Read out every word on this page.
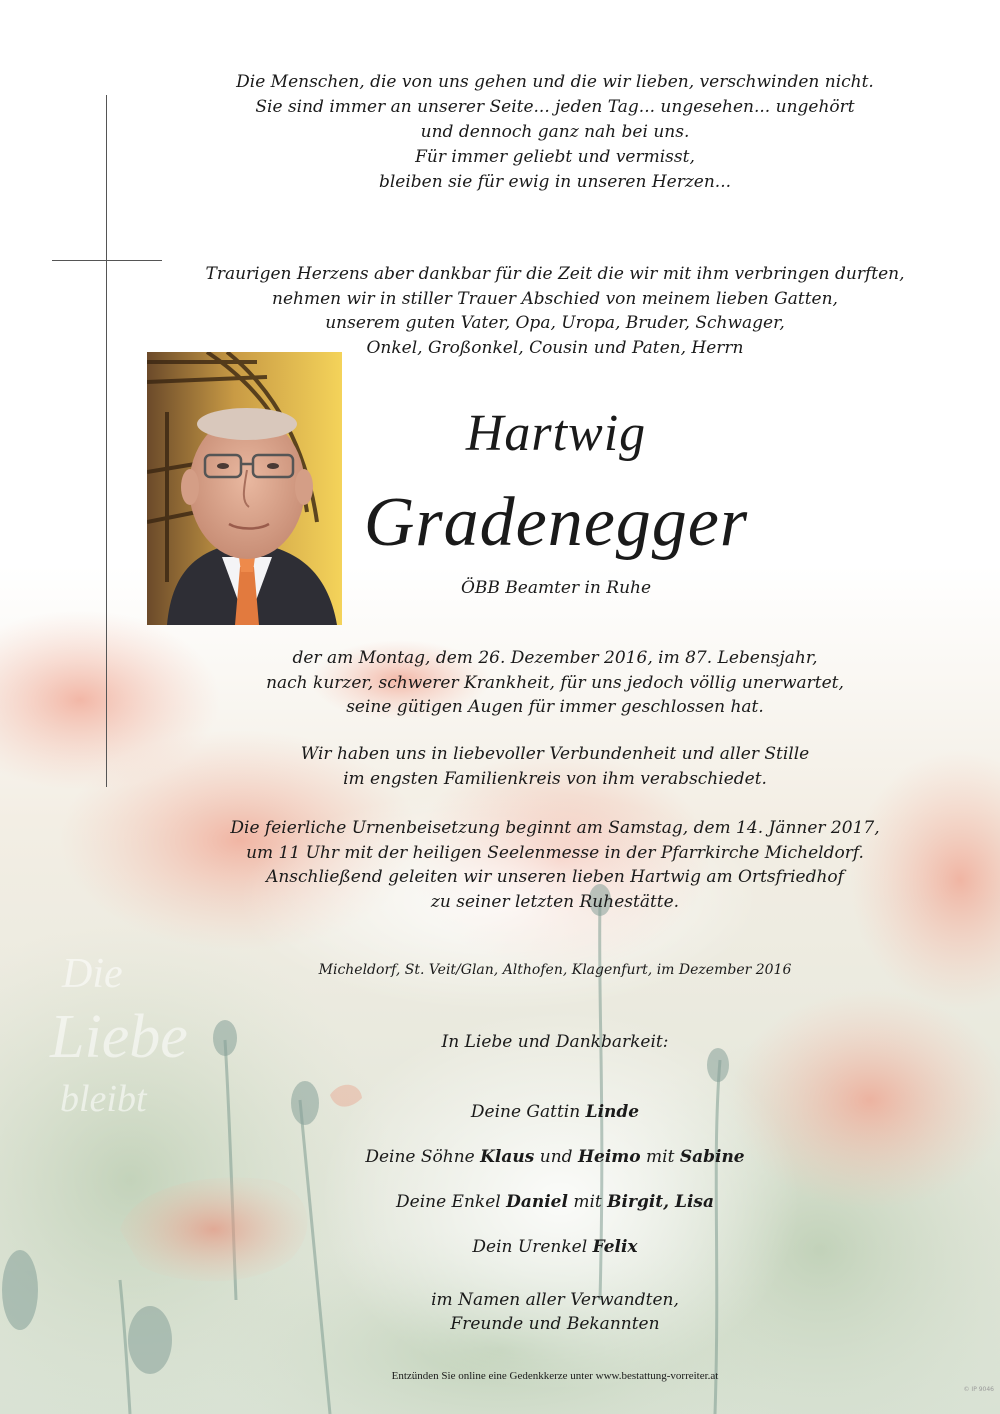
Die
Liebe
bleibt
Die Menschen, die von uns gehen und die wir lieben, verschwinden nicht.
Sie sind immer an unserer Seite... jeden Tag... ungesehen... ungehört
und dennoch ganz nah bei uns.
Für immer geliebt und vermisst,
bleiben sie für ewig in unseren Herzen...
Traurigen Herzens aber dankbar für die Zeit die wir mit ihm verbringen durften,
nehmen wir in stiller Trauer Abschied von meinem lieben Gatten,
unserem guten Vater, Opa, Uropa, Bruder, Schwager,
Onkel, Großonkel, Cousin und Paten, Herrn
Hartwig
Gradenegger
ÖBB Beamter in Ruhe
der am Montag, dem 26. Dezember 2016, im 87. Lebensjahr,
nach kurzer, schwerer Krankheit, für uns jedoch völlig unerwartet,
seine gütigen Augen für immer geschlossen hat.
Wir haben uns in liebevoller Verbundenheit und aller Stille
im engsten Familienkreis von ihm verabschiedet.
Die feierliche Urnenbeisetzung beginnt am Samstag, dem 14. Jänner 2017,
um 11 Uhr mit der heiligen Seelenmesse in der Pfarrkirche Micheldorf.
Anschließend geleiten wir unseren lieben Hartwig am Ortsfriedhof
zu seiner letzten Ruhestätte.
Micheldorf, St. Veit/Glan, Althofen, Klagenfurt, im Dezember 2016
In Liebe und Dankbarkeit:
Deine Gattin Linde
Deine Söhne Klaus und Heimo mit Sabine
Deine Enkel Daniel mit Birgit, Lisa
Dein Urenkel Felix
im Namen aller Verwandten,
Freunde und Bekannten
Entzünden Sie online eine Gedenkkerze unter www.bestattung-vorreiter.at
© IP 9046
